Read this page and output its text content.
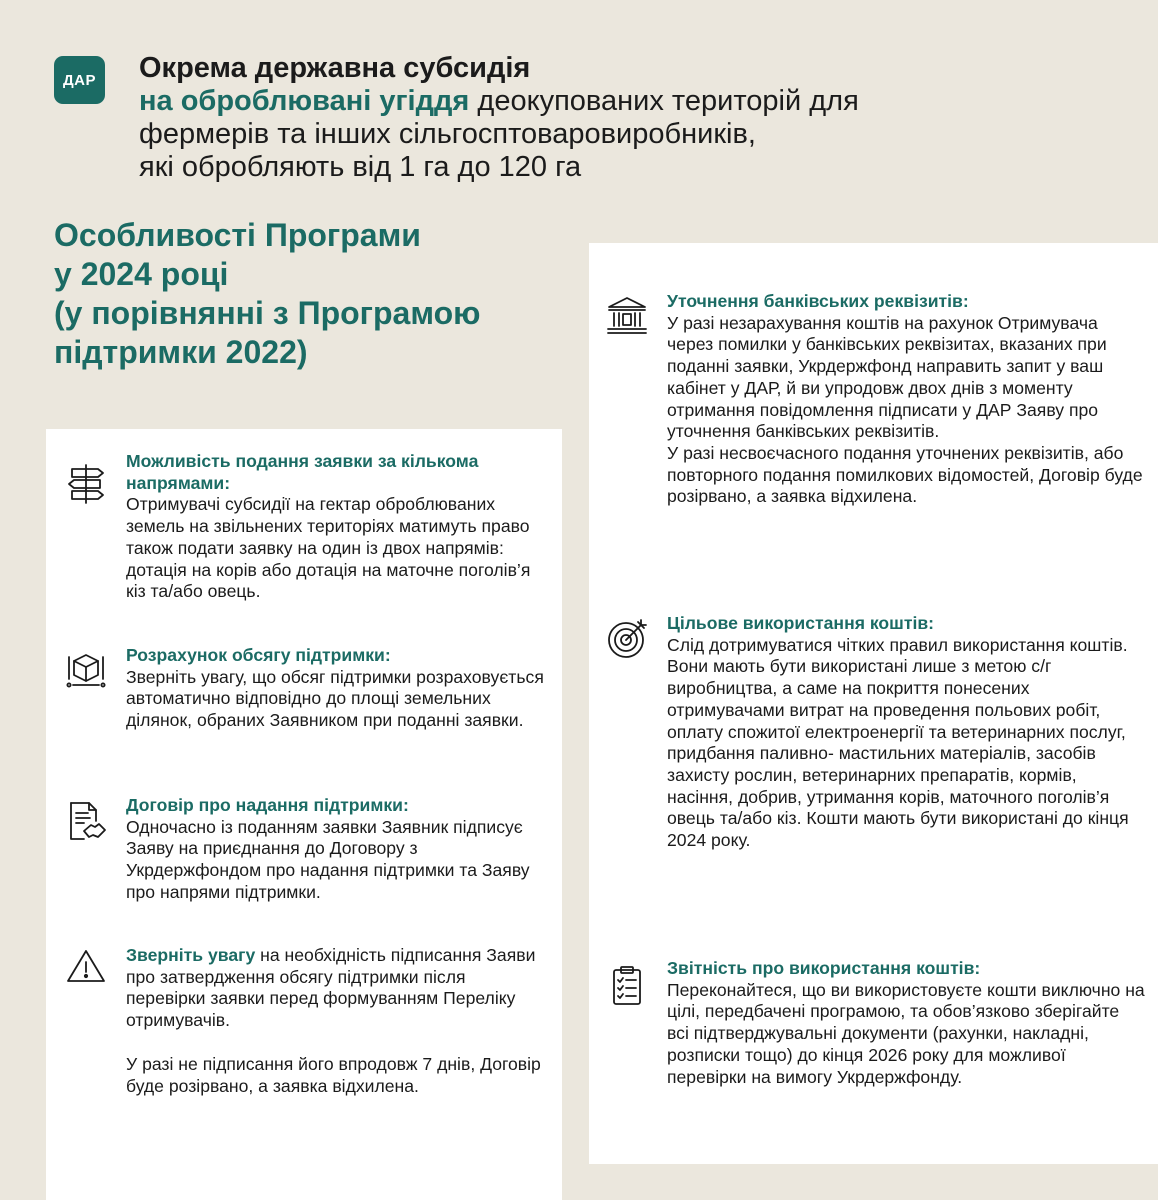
ДАР Окрема державна субсидія
на оброблювані угіддя деокупованих територій для
фермерів та інших сільгосптоваровиробників,
які обробляють від 1 га до 120 га
Особливості Програми
у 2024 році
(у порівнянні з Програмою
підтримки 2022)

Можливість подання заявки за кількома напрямами:

Отримувачі субсидії на гектар оброблюваних земель на звільнених територіях матимуть право також подати заявку на один із двох напрямів: дотація на корів або дотація на маточне поголів’я кіз та/або овець.

Розрахунок обсягу підтримки:

Зверніть увагу, що обсяг підтримки розраховується автоматично відповідно до площі земельних ділянок, обраних Заявником при поданні заявки.

Договір про надання підтримки:

Одночасно із поданням заявки Заявник підписує Заяву на приєднання до Договору з Укрдержфондом про надання підтримки та Заяву про напрями підтримки.

Зверніть увагу на необхідність підписання Заяви про затвердження обсягу підтримки після перевірки заявки перед формуванням Переліку отримувачів.

У разі не підписання його впродовж 7 днів, Договір буде розірвано, а заявка відхилена.

Уточнення банківських реквізитів:

У разі незарахування коштів на рахунок Отримувача через помилки у банківських реквізитах, вказаних при поданні заявки, Укрдержфонд направить запит у ваш кабінет у ДАР, й ви упродовж двох днів з моменту отримання повідомлення підписати у ДАР Заяву про уточнення банківських реквізитів.

У разі несвоєчасного подання уточнених реквізитів, або повторного подання помилкових відомостей, Договір буде розірвано, а заявка відхилена.

Цільове використання коштів:

Слід дотримуватися чітких правил використання коштів. Вони мають бути використані лише з метою с/г виробництва, а саме на покриття понесених отримувачами витрат на проведення польових робіт, оплату спожитої електроенергії та ветеринарних послуг, придбання паливно- мастильних матеріалів, засобів захисту рослин, ветеринарних препаратів, кормів, насіння, добрив, утримання корів, маточного поголів’я овець та/або кіз. Кошти мають бути використані до кінця 2024 року.

Звітність про використання коштів:

Переконайтеся, що ви використовуєте кошти виключно на цілі, передбачені програмою, та обов’язково зберігайте всі підтверджувальні документи (рахунки, накладні, розписки тощо) до кінця 2026 року для можливої перевірки на вимогу Укрдержфонду.
